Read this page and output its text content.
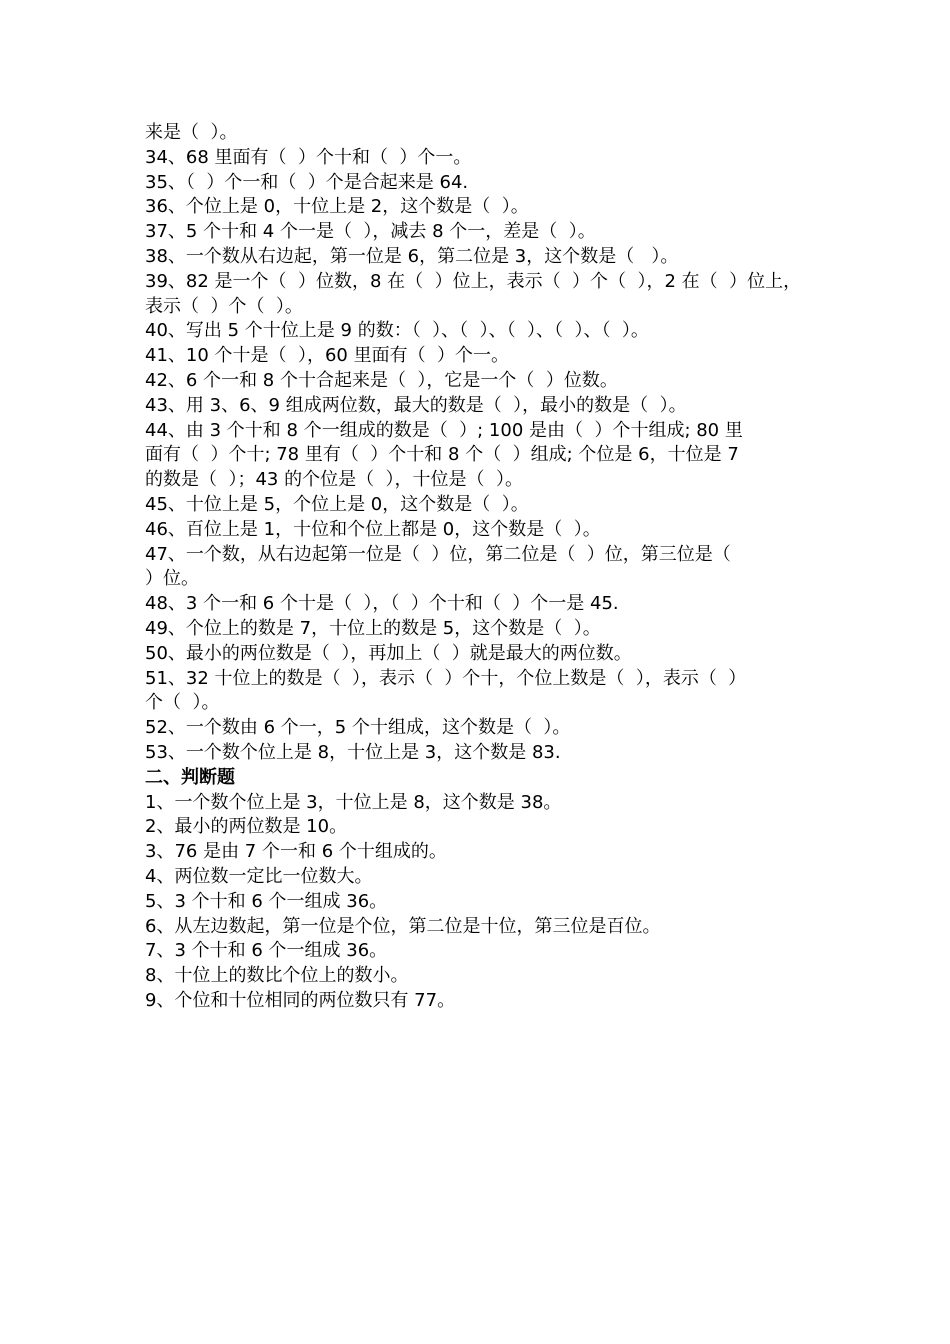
来是（  ）。
34、68 里面有（  ）个十和（  ）个一。
35、（  ）个一和（  ）个是合起来是 64.
36、个位上是 0，十位上是 2，这个数是（  ）。
37、5 个十和 4 个一是（  ），减去 8 个一，差是（  ）。
38、一个数从右边起，第一位是 6，第二位是 3，这个数是（   ）。
39、82 是一个（  ）位数，8 在（  ）位上，表示（  ）个（  ），2 在（  ）位上，
表示（  ）个（  ）。
40、写出 5 个十位上是 9 的数：（  ）、（  ）、（  ）、（  ）、（  ）。
41、10 个十是（  ），60 里面有（  ）个一。
42、6 个一和 8 个十合起来是（  ），它是一个（  ）位数。
43、用 3、6、9 组成两位数，最大的数是（  ），最小的数是（  ）。
44、由 3 个十和 8 个一组成的数是（  ）; 100 是由（  ）个十组成; 80 里
面有（  ）个十; 78 里有（  ）个十和 8 个（  ）组成; 个位是 6，十位是 7
的数是（  ）；43 的个位是（  ），十位是（  ）。
45、十位上是 5，个位上是 0，这个数是（  ）。
46、百位上是 1，十位和个位上都是 0，这个数是（  ）。
47、一个数，从右边起第一位是（  ）位，第二位是（  ）位，第三位是（
）位。
48、3 个一和 6 个十是（  ），（  ）个十和（  ）个一是 45.
49、个位上的数是 7，十位上的数是 5，这个数是（  ）。
50、最小的两位数是（  ），再加上（  ）就是最大的两位数。
51、32 十位上的数是（  ），表示（  ）个十，个位上数是（  ），表示（  ）
个（  ）。
52、一个数由 6 个一，5 个十组成，这个数是（  ）。
53、一个数个位上是 8，十位上是 3，这个数是 83.
二、判断题
1、一个数个位上是 3，十位上是 8，这个数是 38。
2、最小的两位数是 10。
3、76 是由 7 个一和 6 个十组成的。
4、两位数一定比一位数大。
5、3 个十和 6 个一组成 36。
6、从左边数起，第一位是个位，第二位是十位，第三位是百位。
7、3 个十和 6 个一组成 36。
8、十位上的数比个位上的数小。
9、个位和十位相同的两位数只有 77。
